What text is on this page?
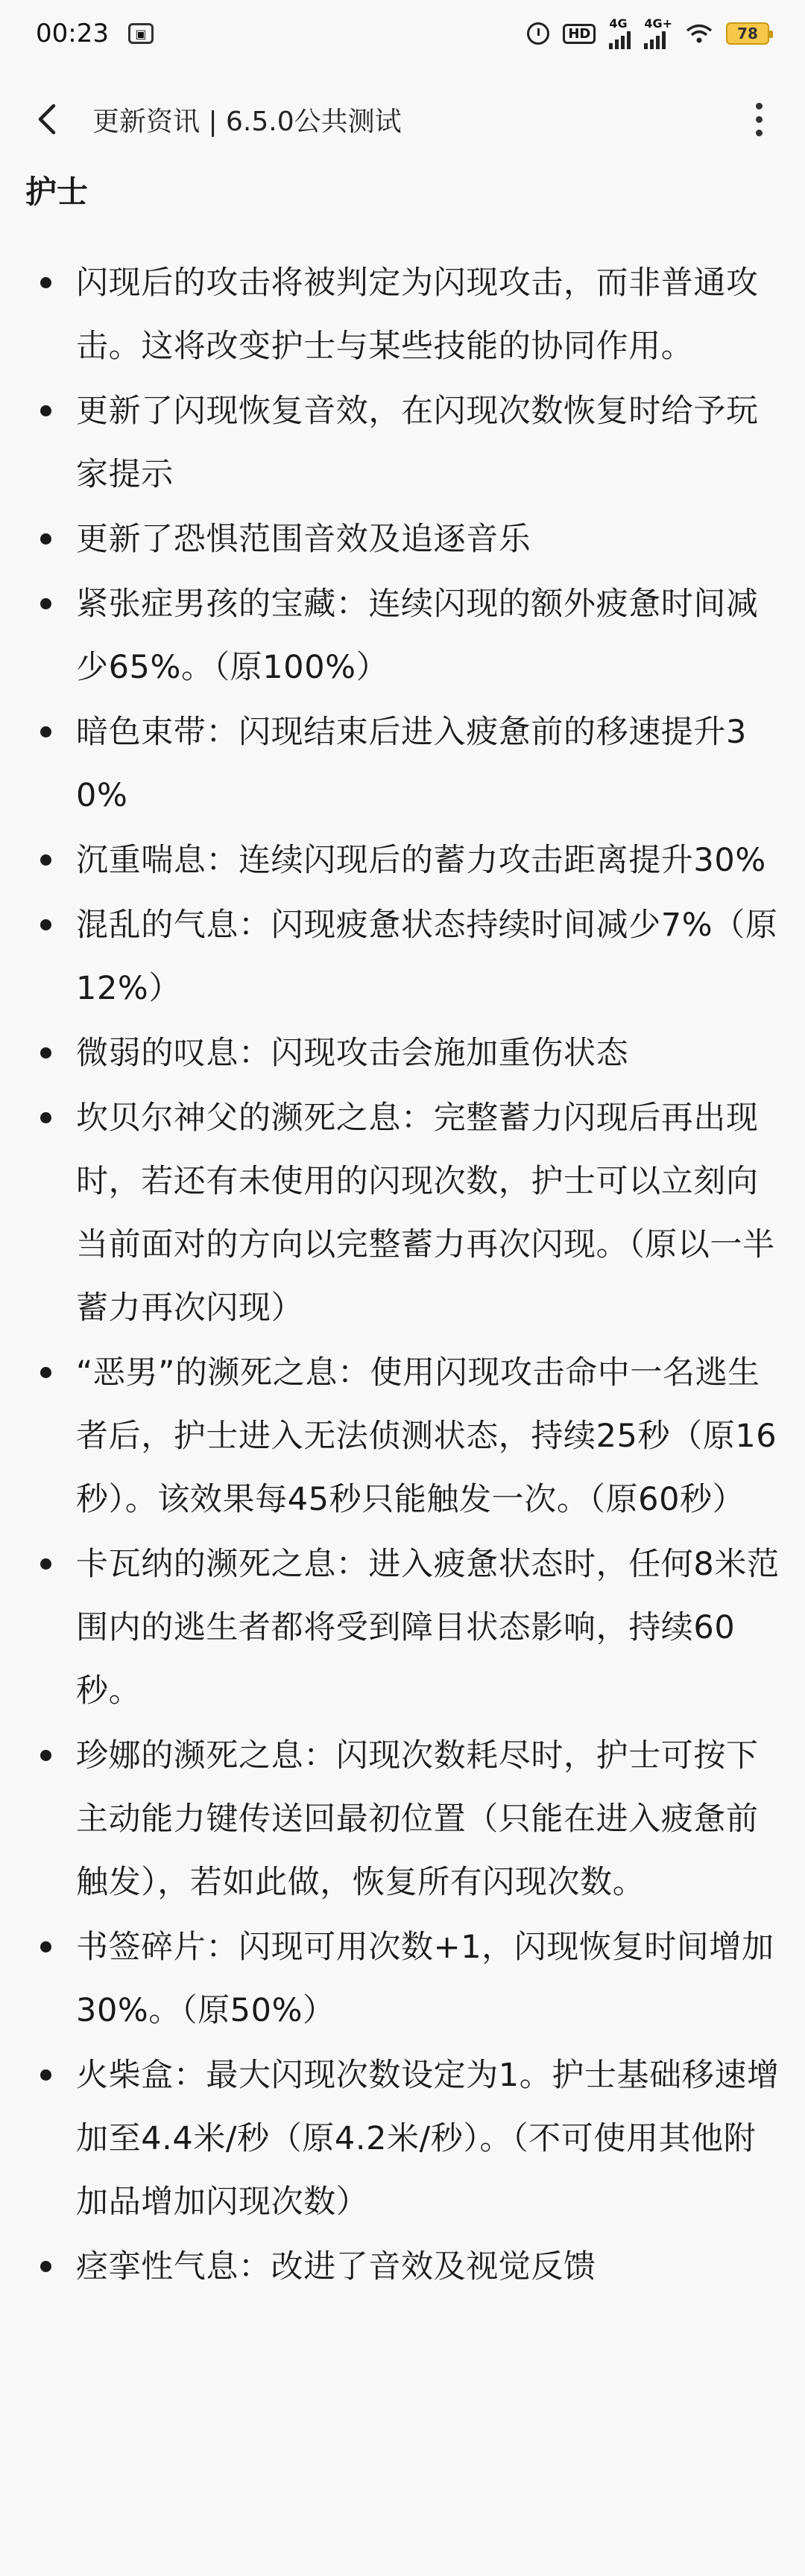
00:23	▣	HD
4G 4G+
78
更新资讯 | 6.5.0公共测试
护士
闪现后的攻击将被判定为闪现攻击，而非普通攻击。这将改变护士与某些技能的协同作用。
更新了闪现恢复音效，在闪现次数恢复时给予玩家提示
更新了恐惧范围音效及追逐音乐
紧张症男孩的宝藏：连续闪现的额外疲惫时间减少65%。（原100%）
暗色束带：闪现结束后进入疲惫前的移速提升30%
沉重喘息：连续闪现后的蓄力攻击距离提升30%
混乱的气息：闪现疲惫状态持续时间减少7%（原12%）
微弱的叹息：闪现攻击会施加重伤状态
坎贝尔神父的濒死之息：完整蓄力闪现后再出现时，若还有未使用的闪现次数，护士可以立刻向当前面对的方向以完整蓄力再次闪现。（原以一半蓄力再次闪现）
“恶男”的濒死之息：使用闪现攻击命中一名逃生者后，护士进入无法侦测状态，持续25秒（原16秒）。该效果每45秒只能触发一次。（原60秒）
卡瓦纳的濒死之息：进入疲惫状态时，任何8米范围内的逃生者都将受到障目状态影响，持续60秒。
珍娜的濒死之息：闪现次数耗尽时，护士可按下主动能力键传送回最初位置（只能在进入疲惫前触发），若如此做，恢复所有闪现次数。
书签碎片：闪现可用次数+1，闪现恢复时间增加30%。（原50%）
火柴盒：最大闪现次数设定为1。护士基础移速增加至4.4米/秒（原4.2米/秒）。（不可使用其他附加品增加闪现次数）
痉挛性气息：改进了音效及视觉反馈
